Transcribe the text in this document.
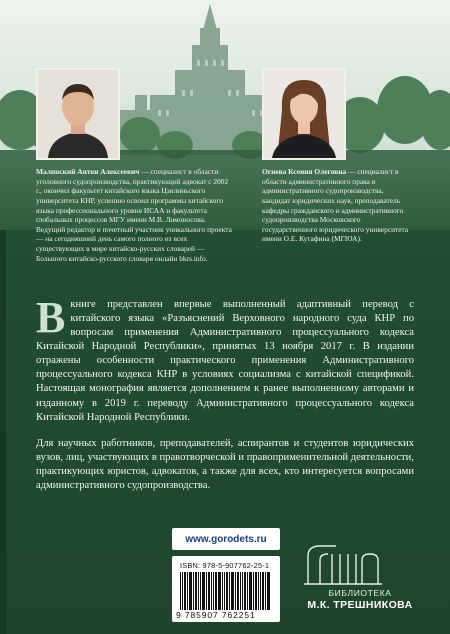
Малинский Антон Алексеевич — специалист в области уголовного судопроизводства, практикующий адвокат с 2002 г., окончил факультет китайского языка Цзилиньского университета КНР, успешно освоил программы китайского языка профессионального уровня ИСАА и факультета глобальных процессов МГУ имени М.В. Ломоносова. Ведущий редактор и почетный участник уникального проекта — на сегодняшний день самого полного из всех существующих в мире китайско-русских словарей — Большого китайско-русского словаря онлайн bkrs.info.
Огнева Ксения Олеговна — специалист в области административного права и административного судопроизводства, кандидат юридических наук, преподаватель кафедры гражданского и административного судопроизводства Московского государственного юридического университета имени О.Е. Кутафина (МГЮА).
В книге представлен впервые выполненный адаптивный перевод с китайского языка «Разъяснений Верховного народного суда КНР по вопросам применения Административного процессуального кодекса Китайской Народной Республики», принятых 13 ноября 2017 г. В издании отражены особенности практического применения Административного процессуального кодекса КНР в условиях социализма с китайской спецификой. Настоящая монография является дополнением к ранее выполненному авторами и изданному в 2019 г. переводу Административного процессуального кодекса Китайской Народной Республики.
Для научных работников, преподавателей, аспирантов и студентов юридических вузов, лиц, участвующих в правотворческой и правоприменительной деятельности, практикующих юристов, адвокатов, а также для всех, кто интересуется вопросами административного судопроизводства.
www.gorodets.ru
ISBN: 978-5-907762-25-1
9 785907 762251
БИБЛИОТЕКА
М.К. ТРЕШНИКОВА
